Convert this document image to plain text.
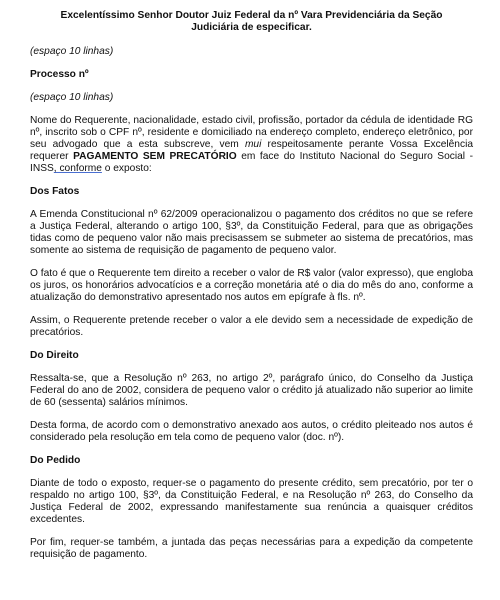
Excelentíssimo Senhor Doutor Juiz Federal da nº Vara Previdenciária da Seção Judiciária de especificar.
(espaço 10 linhas)
Processo nº
(espaço 10 linhas)
Nome do Requerente, nacionalidade, estado civil, profissão, portador da cédula de identidade RG nº, inscrito sob o CPF nº, residente e domiciliado na endereço completo, endereço eletrônico, por seu advogado que a esta subscreve, vem mui respeitosamente perante Vossa Excelência requerer PAGAMENTO SEM PRECATÓRIO em face do Instituto Nacional do Seguro Social - INSS, conforme o exposto:
Dos Fatos
A Emenda Constitucional nº 62/2009 operacionalizou o pagamento dos créditos no que se refere a Justiça Federal, alterando o artigo 100, §3º, da Constituição Federal, para que as obrigações tidas como de pequeno valor não mais precisassem se submeter ao sistema de precatórios, mas somente ao sistema de requisição de pagamento de pequeno valor.
O fato é que o Requerente tem direito a receber o valor de R$ valor (valor expresso), que engloba os juros, os honorários advocatícios e a correção monetária até o dia do mês do ano, conforme a atualização do demonstrativo apresentado nos autos em epígrafe à fls. nº.
Assim, o Requerente pretende receber o valor a ele devido sem a necessidade de expedição de precatórios.
Do Direito
Ressalta-se, que a Resolução nº 263, no artigo 2º, parágrafo único, do Conselho da Justiça Federal do ano de 2002, considera de pequeno valor o crédito já atualizado não superior ao limite de 60 (sessenta) salários mínimos.
Desta forma, de acordo com o demonstrativo anexado aos autos, o crédito pleiteado nos autos é considerado pela resolução em tela como de pequeno valor (doc. nº).
Do Pedido
Diante de todo o exposto, requer-se o pagamento do presente crédito, sem precatório, por ter o respaldo no artigo 100, §3º, da Constituição Federal, e na Resolução nº 263, do Conselho da Justiça Federal de 2002, expressando manifestamente sua renúncia a quaisquer créditos excedentes.
Por fim, requer-se também, a juntada das peças necessárias para a expedição da competente requisição de pagamento.
